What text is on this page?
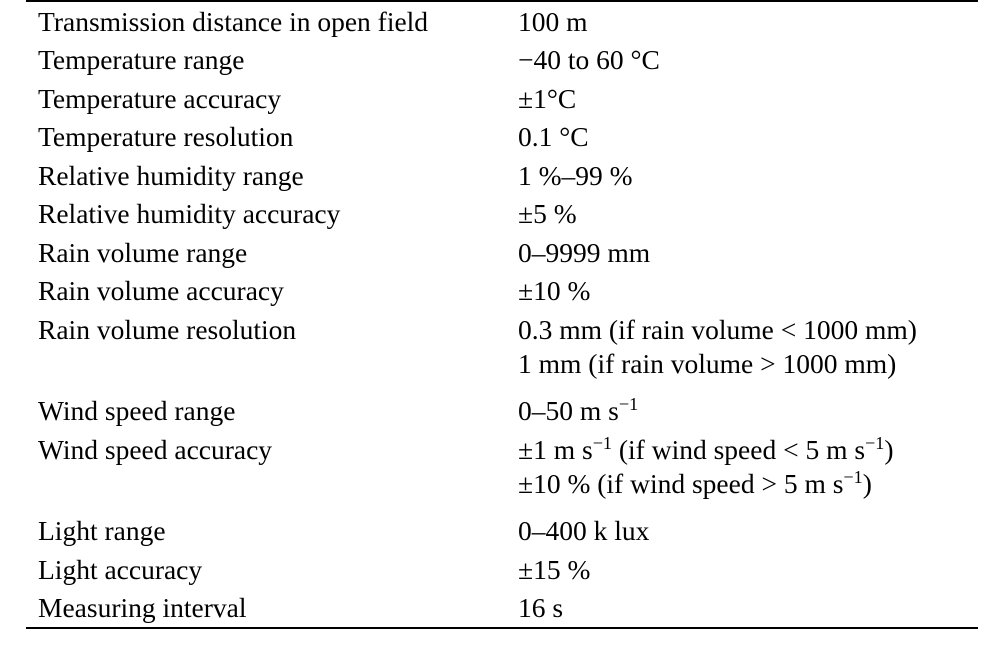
Transmission distance in open field	100 m
Temperature range	−40 to 60 °C
Temperature accuracy	±1°C
Temperature resolution	0.1 °C
Relative humidity range	1 %–99 %
Relative humidity accuracy	±5 %
Rain volume range	0–9999 mm
Rain volume accuracy	±10 %
Rain volume resolution	0.3 mm (if rain volume < 1000 mm)
	1 mm (if rain volume > 1000 mm)

Wind speed range	0–50 m $s^{-1}$
Wind speed accuracy	±1 m $s^{-1}$ (if wind speed < 5 m $s^{-1}$)
	±10 % (if wind speed > 5 m $s^{-1}$)

Light range	0–400 k lux
Light accuracy	±15 %
Measuring interval	16 s
